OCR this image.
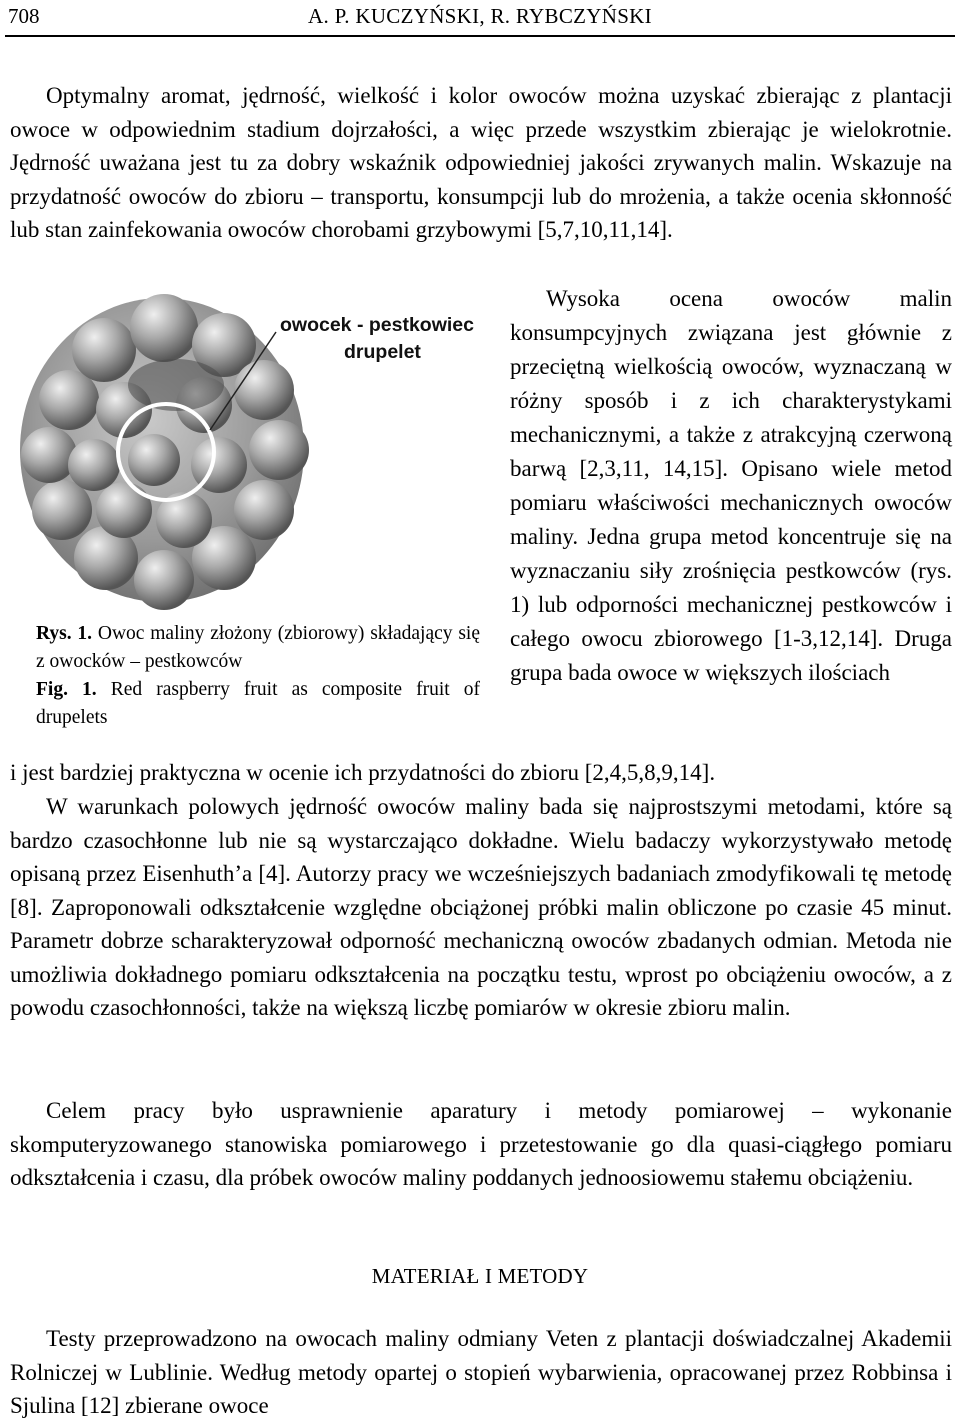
708	A. P. KUCZYŃSKI, R. RYBCZYŃSKI

Optymalny aromat, jędrność, wielkość i kolor owoców można uzyskać zbierając z plantacji owoce w odpowiednim stadium dojrzałości, a więc przede wszystkim zbierając je wielokrotnie. Jędrność uważana jest tu za dobry wskaźnik odpowiedniej jakości zrywanych malin. Wskazuje na przydatność owoców do zbioru – transportu, konsumpcji lub do mrożenia, a także ocenia skłonność lub stan zainfekowania owoców chorobami grzybowymi [5,7,10,11,14].

owocek - pestkowiec
drupelet

Wysoka ocena owoców malin konsumpcyjnych związana jest głównie z przeciętną wielkością owoców, wyznaczaną w różny sposób i z ich charakterystykami mechanicznymi, a także z atrakcyjną czerwoną barwą [2,3,11, 14,15]. Opisano wiele metod pomiaru właściwości mechanicznych owoców maliny. Jedna grupa metod koncentruje się na wyznaczaniu siły zrośnięcia pestkowców (rys. 1) lub odporności mechanicznej pestkowców i całego owocu zbiorowego [1-3,12,14]. Druga grupa bada owoce w większych ilościach

Rys. 1. Owoc maliny złożony (zbiorowy) składający się z owocków – pestkowców
Fig. 1. Red raspberry fruit as composite fruit of drupelets

i jest bardziej praktyczna w ocenie ich przydatności do zbioru [2,4,5,8,9,14].

W warunkach polowych jędrność owoców maliny bada się najprostszymi metodami, które są bardzo czasochłonne lub nie są wystarczająco dokładne. Wielu badaczy wykorzystywało metodę opisaną przez Eisenhuth’a [4]. Autorzy pracy we wcześniejszych badaniach zmodyfikowali tę metodę [8]. Zaproponowali odkształcenie względne obciążonej próbki malin obliczone po czasie 45 minut. Parametr dobrze scharakteryzował odporność mechaniczną owoców zbadanych odmian. Metoda nie umożliwia dokładnego pomiaru odkształcenia na początku testu, wprost po obciążeniu owoców, a z powodu czasochłonności, także na większą liczbę pomiarów w okresie zbioru malin.

Celem pracy było usprawnienie aparatury i metody pomiarowej – wykonanie skomputeryzowanego stanowiska pomiarowego i przetestowanie go dla quasi-ciągłego pomiaru odkształcenia i czasu, dla próbek owoców maliny poddanych jednoosiowemu stałemu obciążeniu.

MATERIAŁ I METODY

Testy przeprowadzono na owocach maliny odmiany Veten z plantacji doświadczalnej Akademii Rolniczej w Lublinie. Według metody opartej o stopień wybarwienia, opracowanej przez Robbinsa i Sjulina [12] zbierane owoce
